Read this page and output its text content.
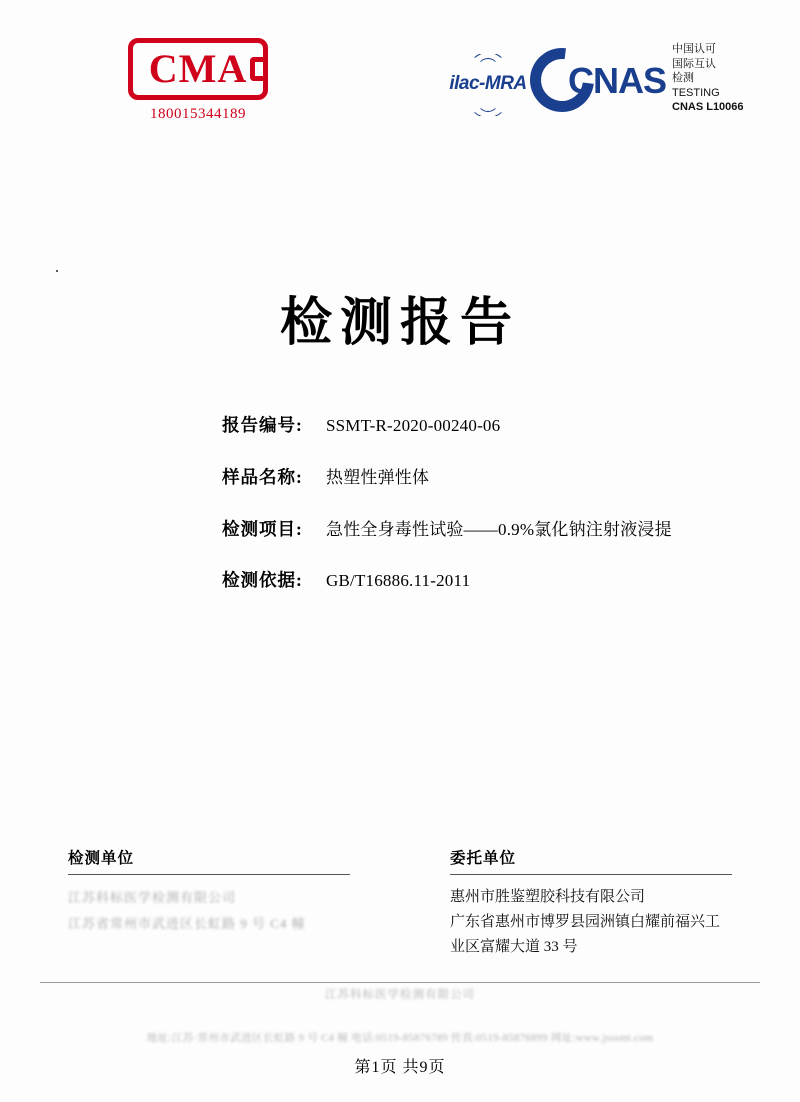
CMA
180015344189
ilac-MRA CNAS
中国认可
国际互认
检测
TESTING
CNAS L10066
检测报告
报告编号:	SSMT-R-2020-00240-06
样品名称:	热塑性弹性体
检测项目:	急性全身毒性试验——0.9%氯化钠注射液浸提
检测依据:	GB/T16886.11-2011
检测单位
江苏科标医学检测有限公司
江苏省常州市武进区长虹路 9 号 C4 幢
委托单位
惠州市胜鉴塑胶科技有限公司
广东省惠州市博罗县园洲镇白耀前福兴工
业区富耀大道 33 号
江苏科标医学检测有限公司
地址:江苏·常州市武进区长虹路 9 号 C4 幢 电话:0519-85876789 传真:0519-85876899 网址:www.jsssmt.com
第1页 共9页
